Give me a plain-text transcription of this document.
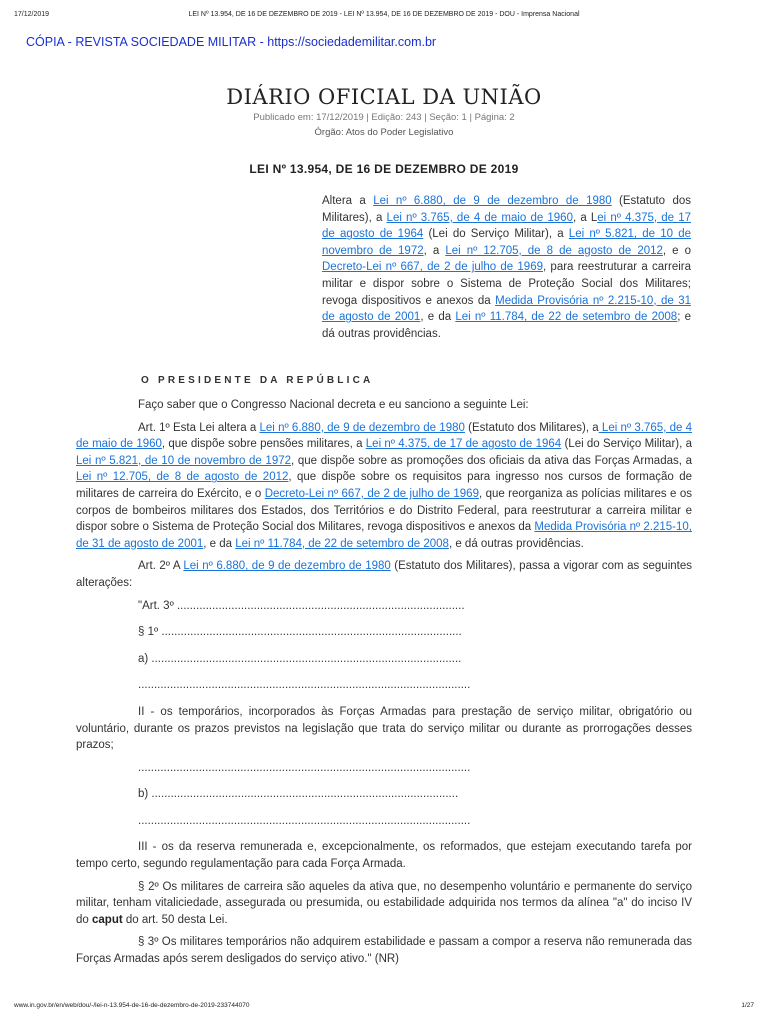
17/12/2019	LEI Nº 13.954, DE 16 DE DEZEMBRO DE 2019 - LEI Nº 13.954, DE 16 DE DEZEMBRO DE 2019 - DOU - Imprensa Nacional
CÓPIA - REVISTA SOCIEDADE MILITAR - https://sociedademilitar.com.br
DIÁRIO OFICIAL DA UNIÃO
Publicado em: 17/12/2019 | Edição: 243 | Seção: 1 | Página: 2
Órgão: Atos do Poder Legislativo
LEI Nº 13.954, DE 16 DE DEZEMBRO DE 2019
Altera a Lei nº 6.880, de 9 de dezembro de 1980 (Estatuto dos Militares), a Lei nº 3.765, de 4 de maio de 1960, a Lei nº 4.375, de 17 de agosto de 1964 (Lei do Serviço Militar), a Lei nº 5.821, de 10 de novembro de 1972, a Lei nº 12.705, de 8 de agosto de 2012, e o Decreto-Lei nº 667, de 2 de julho de 1969, para reestruturar a carreira militar e dispor sobre o Sistema de Proteção Social dos Militares; revoga dispositivos e anexos da Medida Provisória nº 2.215-10, de 31 de agosto de 2001, e da Lei nº 11.784, de 22 de setembro de 2008; e dá outras providências.
O PRESIDENTE DA REPÚBLICA

Faço saber que o Congresso Nacional decreta e eu sanciono a seguinte Lei:

Art. 1º Esta Lei altera a Lei nº 6.880, de 9 de dezembro de 1980 (Estatuto dos Militares), a Lei nº 3.765, de 4 de maio de 1960, que dispõe sobre pensões militares, a Lei nº 4.375, de 17 de agosto de 1964 (Lei do Serviço Militar), a Lei nº 5.821, de 10 de novembro de 1972, que dispõe sobre as promoções dos oficiais da ativa das Forças Armadas, a Lei nº 12.705, de 8 de agosto de 2012, que dispõe sobre os requisitos para ingresso nos cursos de formação de militares de carreira do Exército, e o Decreto-Lei nº 667, de 2 de julho de 1969, que reorganiza as polícias militares e os corpos de bombeiros militares dos Estados, dos Territórios e do Distrito Federal, para reestruturar a carreira militar e dispor sobre o Sistema de Proteção Social dos Militares, revoga dispositivos e anexos da Medida Provisória nº 2.215-10, de 31 de agosto de 2001, e da Lei nº 11.784, de 22 de setembro de 2008, e dá outras providências.

Art. 2º A Lei nº 6.880, de 9 de dezembro de 1980 (Estatuto dos Militares), passa a vigorar com as seguintes alterações:

"Art. 3º ..........................................................................................

§ 1º ..............................................................................................

a) .................................................................................................

........................................................................................................

II - os temporários, incorporados às Forças Armadas para prestação de serviço militar, obrigatório ou voluntário, durante os prazos previstos na legislação que trata do serviço militar ou durante as prorrogações desses prazos;

........................................................................................................

b) ................................................................................................

........................................................................................................

III - os da reserva remunerada e, excepcionalmente, os reformados, que estejam executando tarefa por tempo certo, segundo regulamentação para cada Força Armada.

§ 2º Os militares de carreira são aqueles da ativa que, no desempenho voluntário e permanente do serviço militar, tenham vitaliciedade, assegurada ou presumida, ou estabilidade adquirida nos termos da alínea "a" do inciso IV do caput do art. 50 desta Lei.

§ 3º Os militares temporários não adquirem estabilidade e passam a compor a reserva não remunerada das Forças Armadas após serem desligados do serviço ativo." (NR)

www.in.gov.br/en/web/dou/-/lei-n-13.954-de-16-de-dezembro-de-2019-233744070	1/27
